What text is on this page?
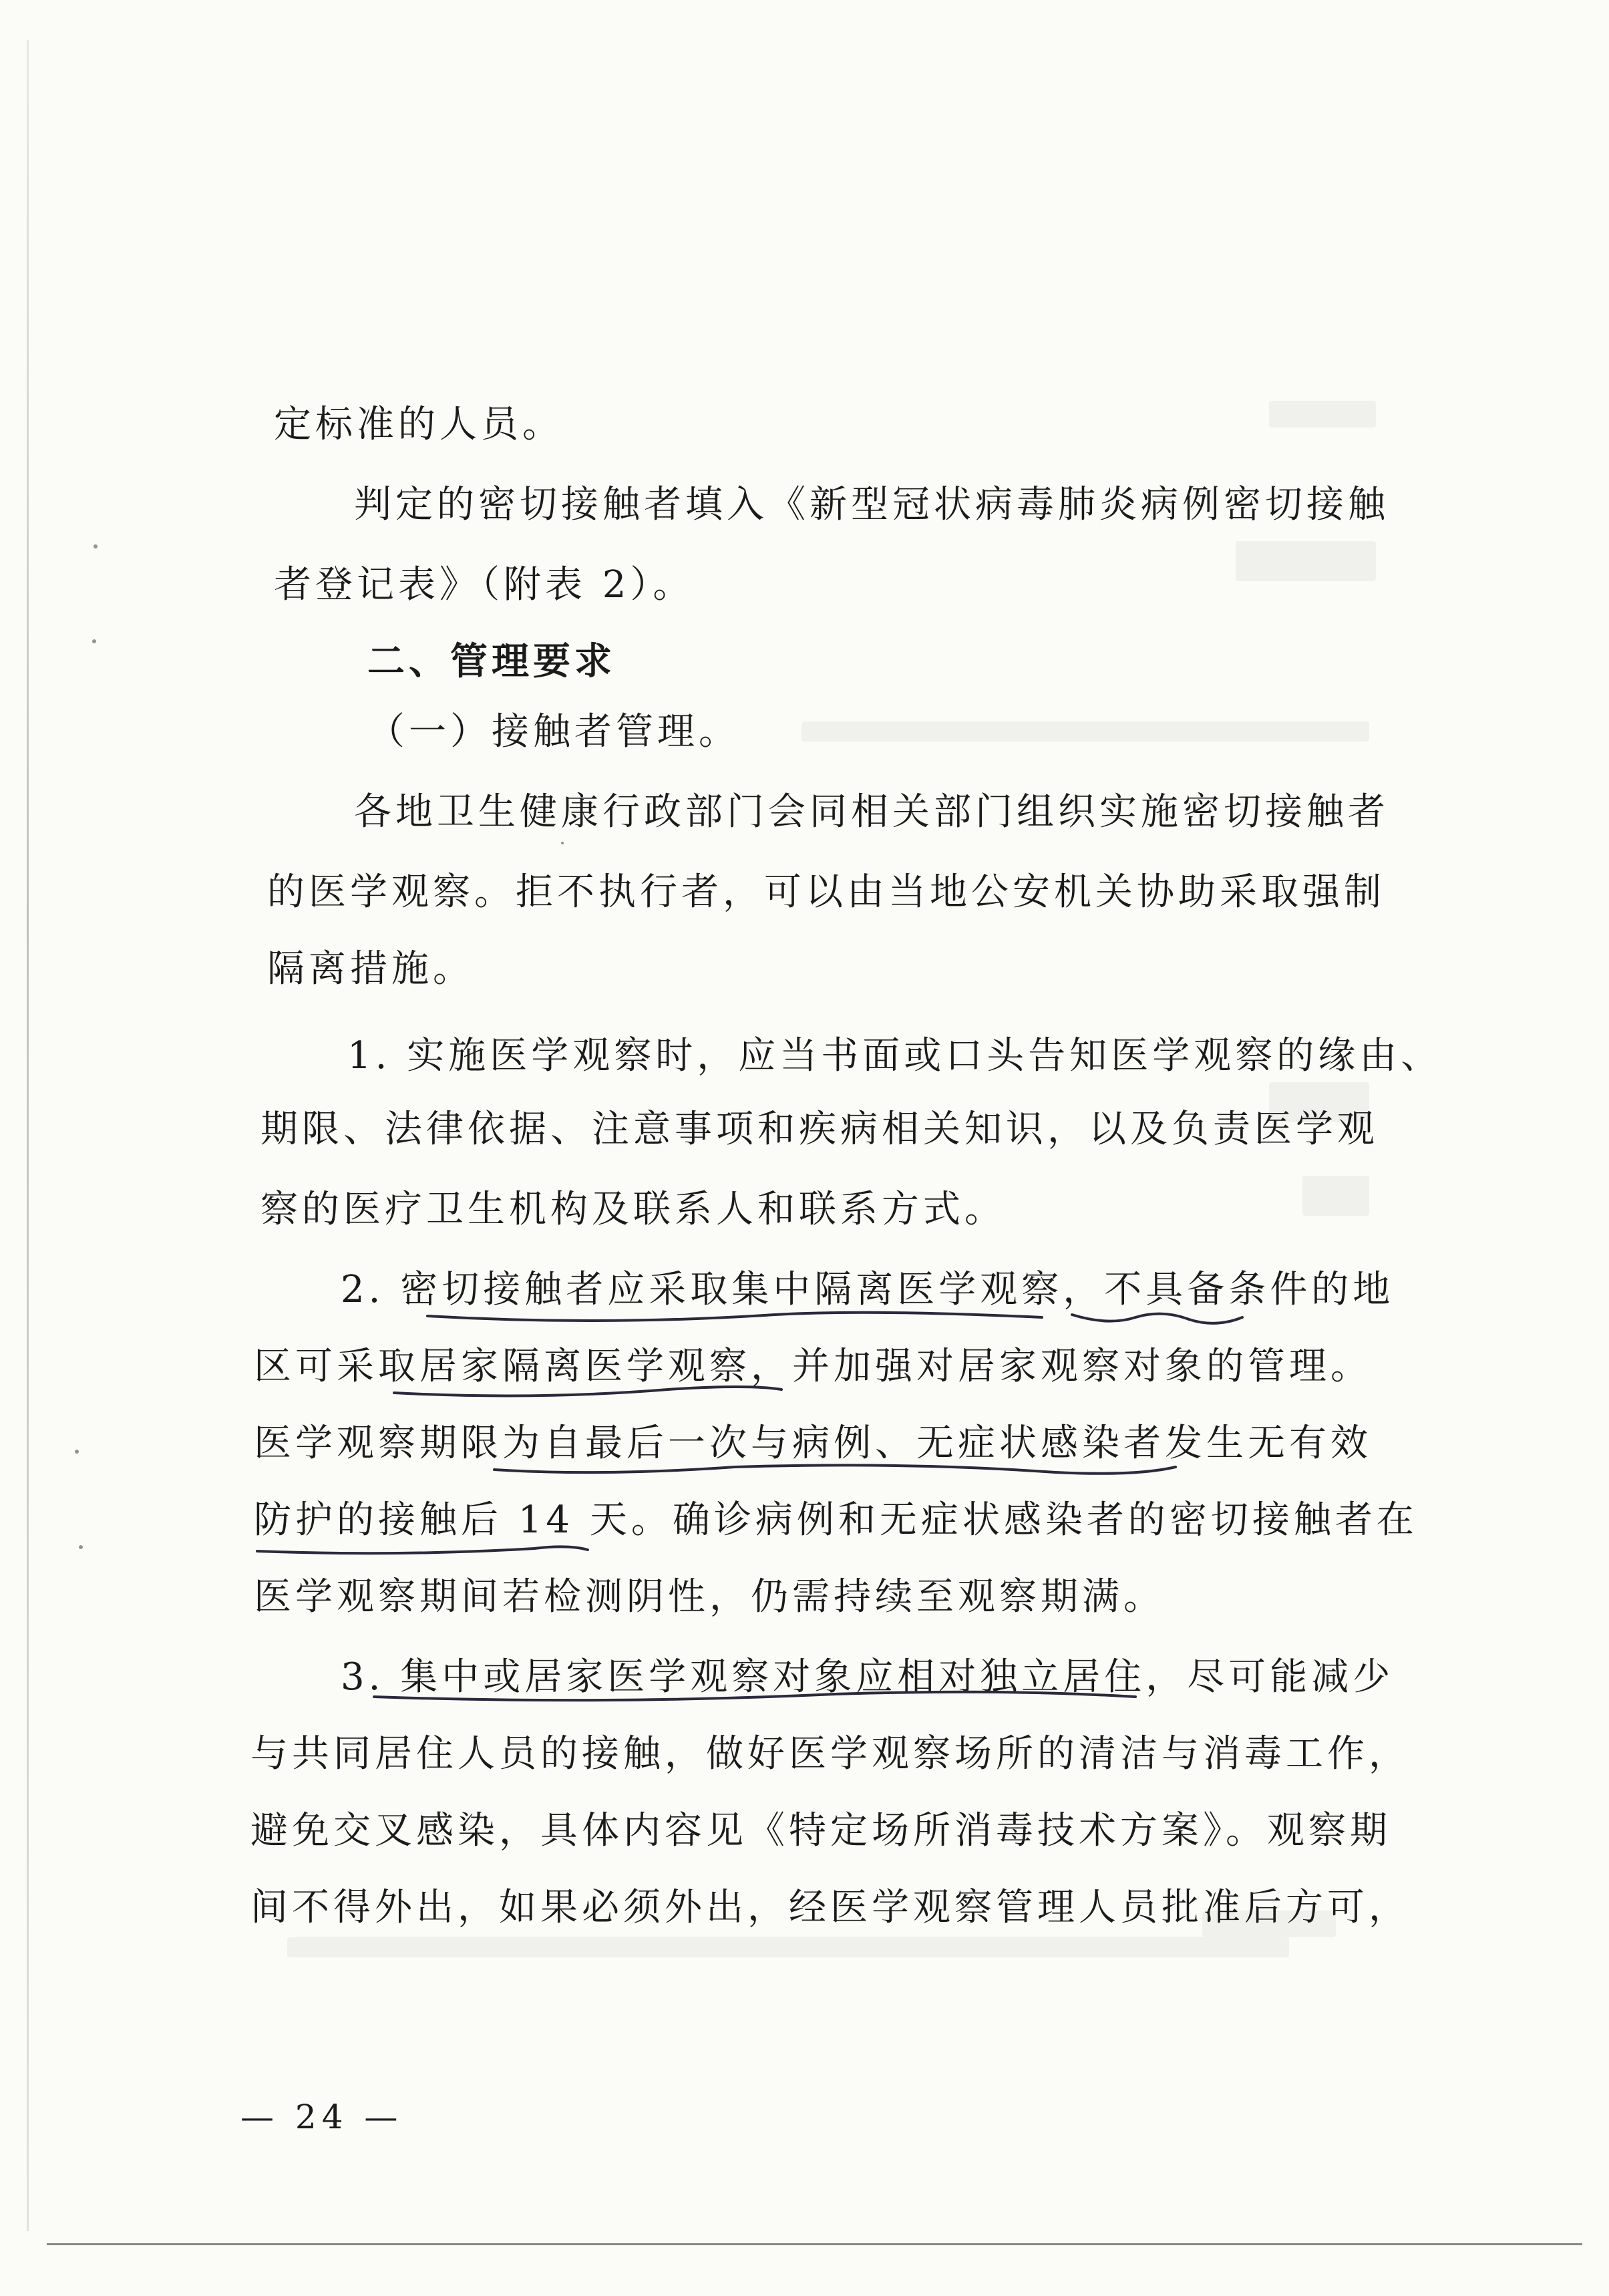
定标准的人员。
判定的密切接触者填入《新型冠状病毒肺炎病例密切接触
者登记表》（附表 2）。
二、管理要求
（一）接触者管理。
各地卫生健康行政部门会同相关部门组织实施密切接触者
的医学观察。拒不执行者，可以由当地公安机关协助采取强制
隔离措施。
1. 实施医学观察时，应当书面或口头告知医学观察的缘由、
期限、法律依据、注意事项和疾病相关知识，以及负责医学观
察的医疗卫生机构及联系人和联系方式。
2. 密切接触者应采取集中隔离医学观察，不具备条件的地
区可采取居家隔离医学观察，并加强对居家观察对象的管理。
医学观察期限为自最后一次与病例、无症状感染者发生无有效
防护的接触后 14 天。确诊病例和无症状感染者的密切接触者在
医学观察期间若检测阴性，仍需持续至观察期满。
3. 集中或居家医学观察对象应相对独立居住，尽可能减少
与共同居住人员的接触，做好医学观察场所的清洁与消毒工作，
避免交叉感染，具体内容见《特定场所消毒技术方案》。观察期
间不得外出，如果必须外出，经医学观察管理人员批准后方可，
— 24 —
